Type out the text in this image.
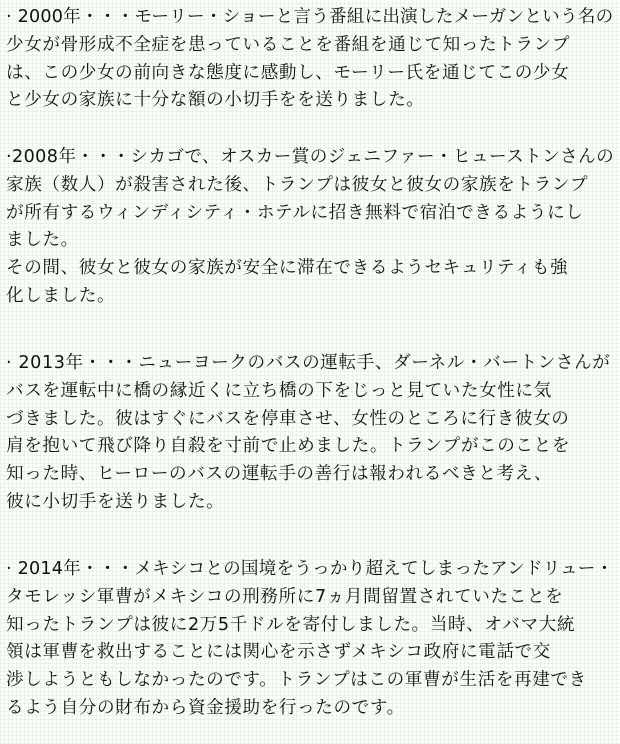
· 2000年・・・モーリー・ショーと言う番組に出演したメーガンという名の
少女が骨形成不全症を患っていることを番組を通じて知ったトランプ
は、この少女の前向きな態度に感動し、モーリー氏を通じてこの少女
と少女の家族に十分な額の小切手をを送りました。

·2008年・・・シカゴで、オスカー賞のジェニファー・ヒューストンさんの
家族（数人）が殺害された後、トランプは彼女と彼女の家族をトランプ
が所有するウィンディシティ・ホテルに招き無料で宿泊できるようにし
ました。
その間、彼女と彼女の家族が安全に滞在できるようセキュリティも強
化しました。

· 2013年・・・ニューヨークのバスの運転手、ダーネル・バートンさんが
バスを運転中に橋の縁近くに立ち橋の下をじっと見ていた女性に気
づきました。彼はすぐにバスを停車させ、女性のところに行き彼女の
肩を抱いて飛び降り自殺を寸前で止めました。トランプがこのことを
知った時、ヒーローのバスの運転手の善行は報われるべきと考え、
彼に小切手を送りました。

· 2014年・・・メキシコとの国境をうっかり超えてしまったアンドリュー・
タモレッシ軍曹がメキシコの刑務所に7ヵ月間留置されていたことを
知ったトランプは彼に2万5千ドルを寄付しました。当時、オバマ大統
領は軍曹を救出することには関心を示さずメキシコ政府に電話で交
渉しようともしなかったのです。トランプはこの軍曹が生活を再建でき
るよう自分の財布から資金援助を行ったのです。
